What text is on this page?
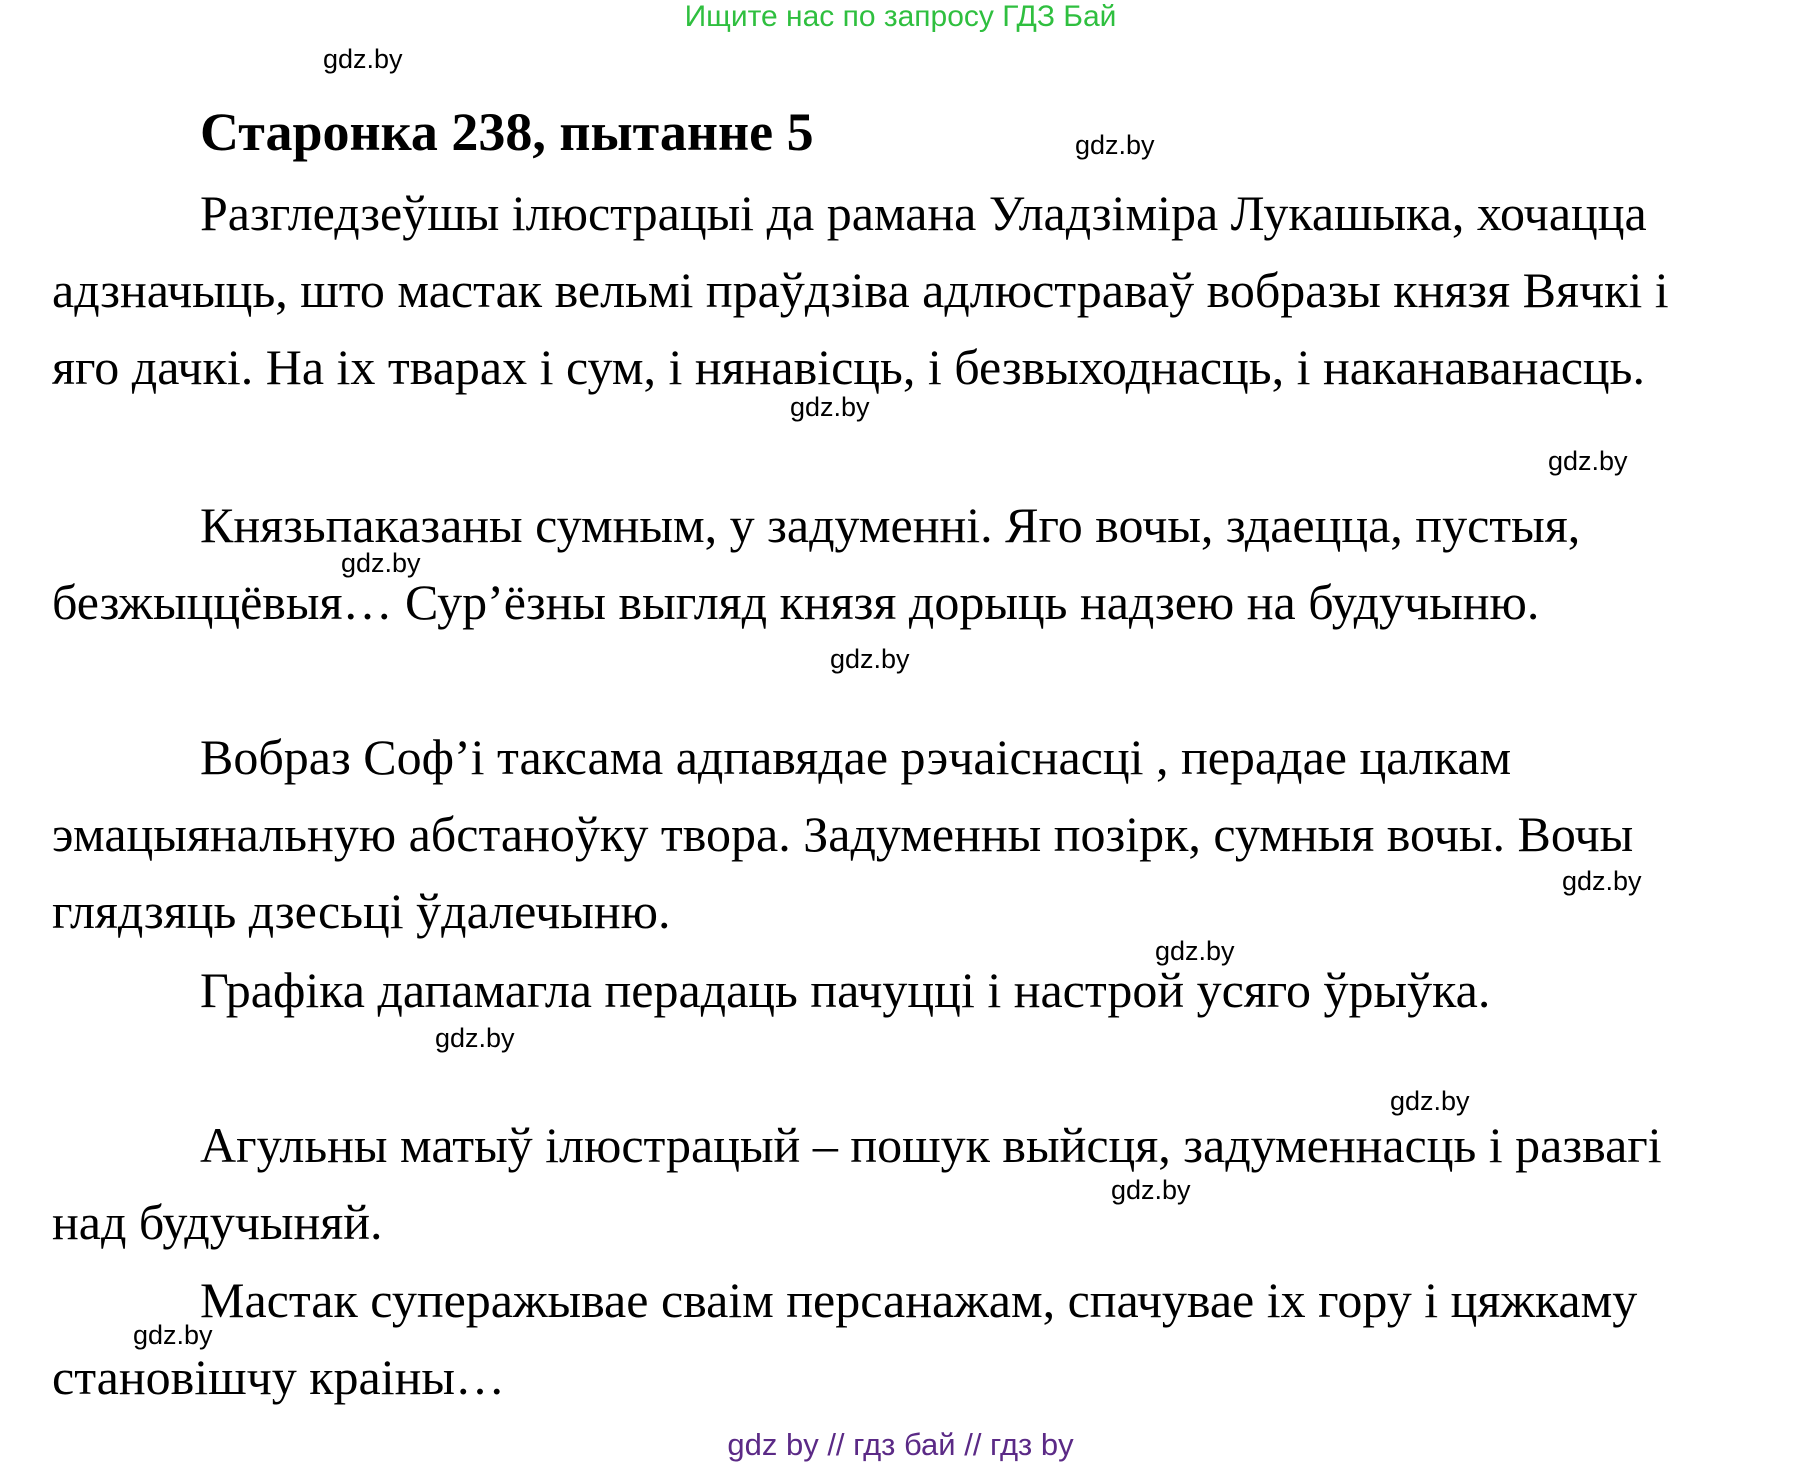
Ищите нас по запросу ГДЗ Бай
Старонка 238, пытанне 5

Разгледзеўшы ілюстрацыі да рамана Уладзіміра Лукашыка, хочацца адзначыць, што мастак вельмі праўдзіва адлюстраваў вобразы князя Вячкі і яго дачкі. На іх тварах і сум, і нянавісць, і безвыходнасць, і наканаванасць.

Князьпаказаны сумным, у задуменні. Яго вочы, здаецца, пустыя, безжыццёвыя… Сур’ёзны выгляд князя дорыць надзею на будучыню.

Вобраз Соф’і таксама адпавядае рэчаіснасці , перадае цалкам эмацыянальную абстаноўку твора. Задуменны позірк, сумныя вочы. Вочы глядзяць дзесьці ўдалечыню.

Графіка дапамагла перадаць пачуцці і настрой усяго ўрыўка.

Агульны матыў ілюстрацый – пошук выйсця, задуменнасць і развагі над будучыняй.

Мастак суперажывае сваім персанажам, спачувае іх гору і цяжкаму становішчу краіны…

gdz.by
gdz.by
gdz.by
gdz.by
gdz.by
gdz.by
gdz.by
gdz.by
gdz.by
gdz.by
gdz.by
gdz.by
gdz by // гдз бай // гдз by
